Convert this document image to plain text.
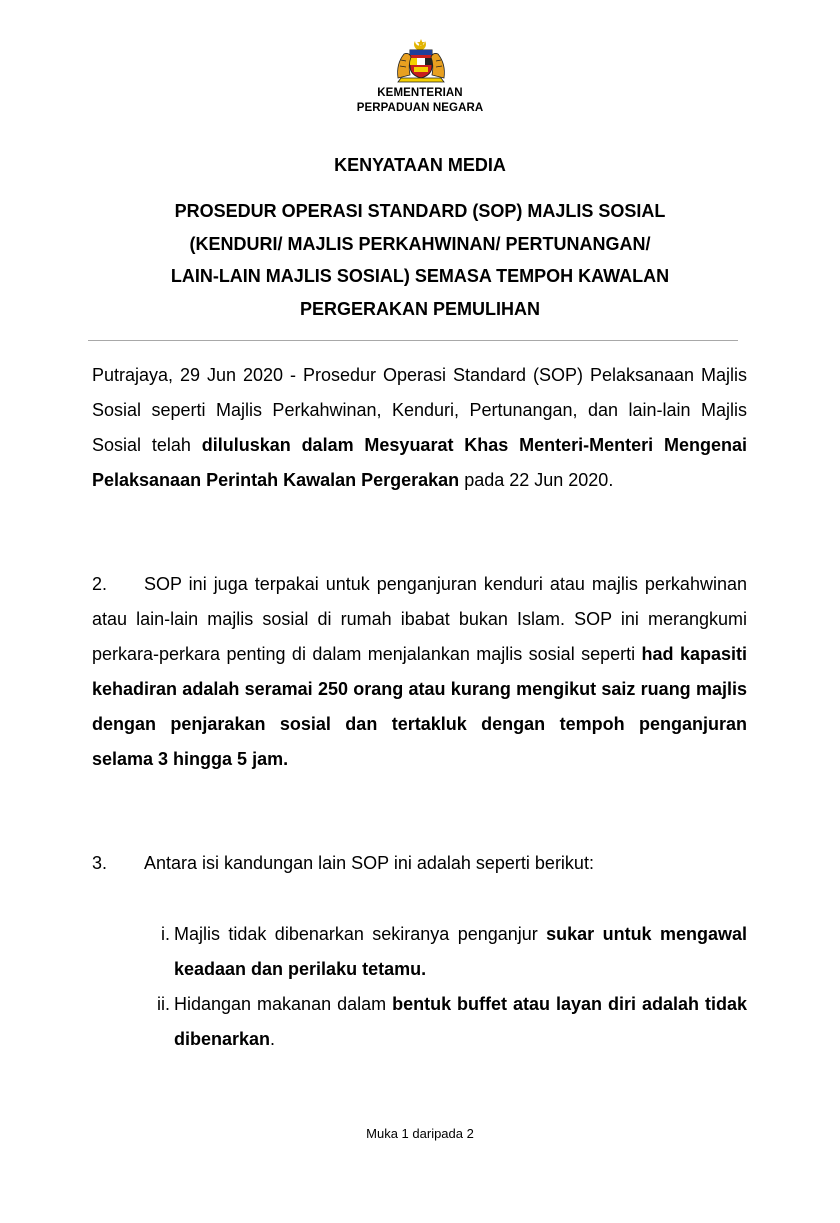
KEMENTERIAN
PERPADUAN NEGARA
KENYATAAN MEDIA
PROSEDUR OPERASI STANDARD (SOP) MAJLIS SOSIAL
(KENDURI/ MAJLIS PERKAHWINAN/ PERTUNANGAN/
LAIN-LAIN MAJLIS SOSIAL) SEMASA TEMPOH KAWALAN
PERGERAKAN PEMULIHAN

Putrajaya, 29 Jun 2020 - Prosedur Operasi Standard (SOP) Pelaksanaan Majlis Sosial seperti Majlis Perkahwinan, Kenduri, Pertunangan, dan lain-lain Majlis Sosial telah diluluskan dalam Mesyuarat Khas Menteri-Menteri Mengenai Pelaksanaan Perintah Kawalan Pergerakan pada 22 Jun 2020.

2. SOP ini juga terpakai untuk penganjuran kenduri atau majlis perkahwinan atau lain-lain majlis sosial di rumah ibabat bukan Islam. SOP ini merangkumi perkara-perkara penting di dalam menjalankan majlis sosial seperti had kapasiti kehadiran adalah seramai 250 orang atau kurang mengikut saiz ruang majlis dengan penjarakan sosial dan tertakluk dengan tempoh penganjuran selama 3 hingga 5 jam.

3. Antara isi kandungan lain SOP ini adalah seperti berikut:

i. Majlis tidak dibenarkan sekiranya penganjur sukar untuk mengawal keadaan dan perilaku tetamu.
ii. Hidangan makanan dalam bentuk buffet atau layan diri adalah tidak dibenarkan.
Muka 1 daripada 2
